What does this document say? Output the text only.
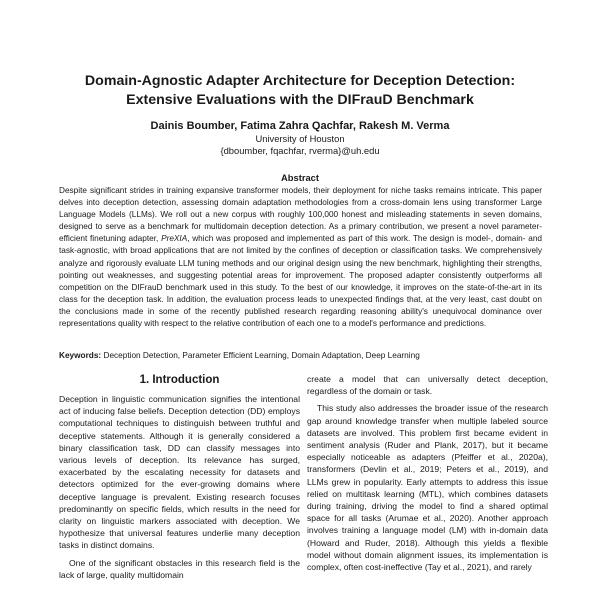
Domain-Agnostic Adapter Architecture for Deception Detection:
Extensive Evaluations with the DIFrauD Benchmark
Dainis Boumber, Fatima Zahra Qachfar, Rakesh M. Verma
University of Houston
{dboumber, fqachfar, rverma}@uh.edu
Abstract

Despite significant strides in training expansive transformer models, their deployment for niche tasks remains intricate. This paper delves into deception detection, assessing domain adaptation methodologies from a cross-domain lens using transformer Large Language Models (LLMs). We roll out a new corpus with roughly 100,000 honest and misleading statements in seven domains, designed to serve as a benchmark for multidomain deception detection. As a primary contribution, we present a novel parameter-efficient finetuning adapter, PreXIA, which was proposed and implemented as part of this work. The design is model-, domain- and task-agnostic, with broad applications that are not limited by the confines of deception or classification tasks. We comprehensively analyze and rigorously evaluate LLM tuning methods and our original design using the new benchmark, highlighting their strengths, pointing out weaknesses, and suggesting potential areas for improvement. The proposed adapter consistently outperforms all competition on the DIFrauD benchmark used in this study. To the best of our knowledge, it improves on the state-of-the-art in its class for the deception task. In addition, the evaluation process leads to unexpected findings that, at the very least, cast doubt on the conclusions made in some of the recently published research regarding reasoning ability's unequivocal dominance over representations quality with respect to the relative contribution of each one to a model's performance and predictions.

Keywords: Deception Detection, Parameter Efficient Learning, Domain Adaptation, Deep Learning
1. Introduction

Deception in linguistic communication signifies the intentional act of inducing false beliefs. Deception detection (DD) employs computational techniques to distinguish between truthful and deceptive statements. Although it is generally considered a binary classification task, DD can classify messages into various levels of deception. Its relevance has surged, exacerbated by the escalating necessity for datasets and detectors optimized for the ever-growing domains where deceptive language is prevalent. Existing research focuses predominantly on specific fields, which results in the need for clarity on linguistic markers associated with deception. We hypothesize that universal features underlie many deception tasks in distinct domains.

One of the significant obstacles in this research field is the lack of large, quality multidomain

create a model that can universally detect deception, regardless of the domain or task.

This study also addresses the broader issue of the research gap around knowledge transfer when multiple labeled source datasets are involved. This problem first became evident in sentiment analysis (Ruder and Plank, 2017), but it became especially noticeable as adapters (Pfeiffer et al., 2020a), transformers (Devlin et al., 2019; Peters et al., 2019), and LLMs grew in popularity. Early attempts to address this issue relied on multitask learning (MTL), which combines datasets during training, driving the model to find a shared optimal space for all tasks (Arumae et al., 2020). Another approach involves training a language model (LM) with in-domain data (Howard and Ruder, 2018). Although this yields a flexible model without domain alignment issues, its implementation is complex, often cost-ineffective (Tay et al., 2021), and rarely
